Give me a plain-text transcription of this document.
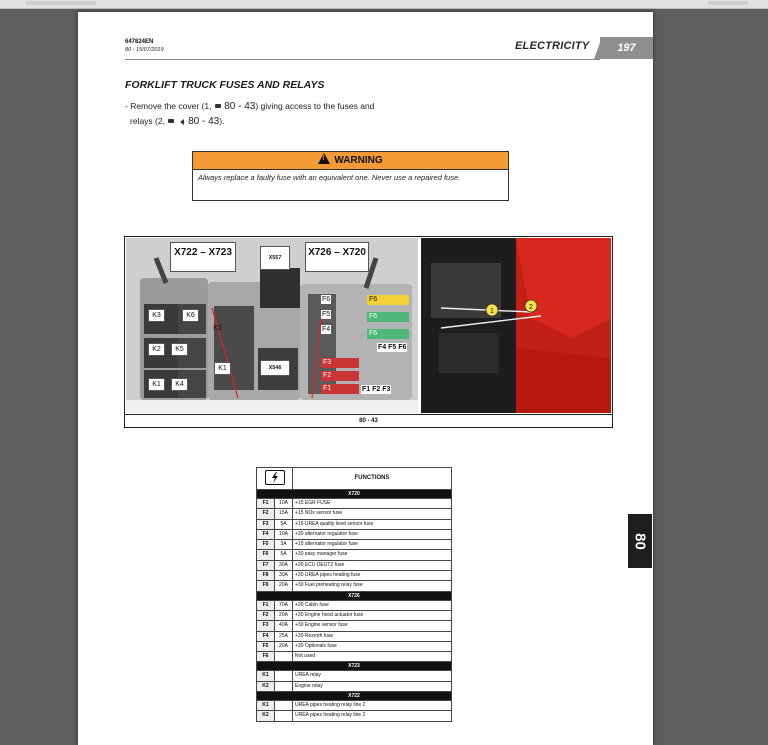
647824EN
80 - 15/07/2019	ELECTRICITY	197
FORKLIFT TRUCK FUSES AND RELAYS
- Remove the cover (1, 80 - 43) giving access to the fuses and
relays (2, 80 - 43).
!WARNING
Always replace a faulty fuse with an equivalent one. Never use a repaired fuse.
X722 – X723	X557	X726 – X720
X546
K3	K6
K2	K5
K1	K4
K2
K1
F6
F5
F4
F6
F6
F6
F4 F5 F6
F3
F2
F1	F1 F2 F3
1
2
80 - 43
	FUNCTIONS
X720		
F1	10A	+15 EGR FUSE
F2	15A	+15 NOx sensor fuse
F3	5A	+15 UREA quality level sensor fuse
F4	10A	+30 alternator regulator fuse
F5	3A	+15 alternator regulator fuse
F6	5A	+30 easy manager fuse
F7	30A	+30 ECU DEUTZ fuse
F8	30A	+30 UREA pipes heating fuse
F9	20A	+30 Fuel preheating relay fuse
X726		
F1	70A	+30 Cabin fuse
F2	20A	+30 Engine hood actuator fuse
F3	40A	+30 Engine sensor fuse
F4	25A	+30 Rexroth fuse
F5	20A	+30 Optionals fuse
F6		Not used
X723		
K1		UREA relay
K2		Engine relay
X722		
K1		UREA pipes heating relay line 2
K2		UREA pipes heating relay line 2
80
